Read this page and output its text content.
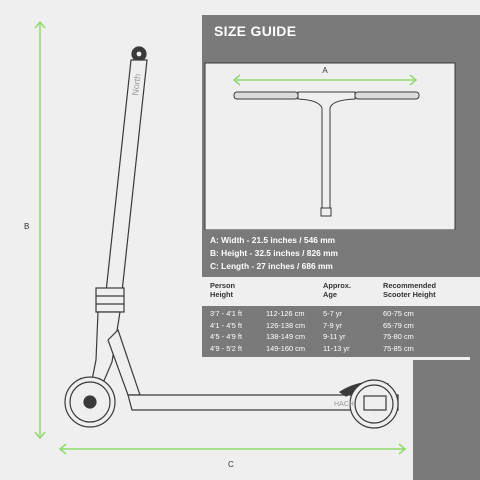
A
B
C
North
HACH
SIZE GUIDE
A: Width - 21.5 inches / 546 mm
B: Height - 32.5 inches / 826 mm
C: Length - 27 inches / 686 mm
Person
Height
Approx.
Age
Recommended
Scooter Height
3'7 - 4'1 ft	112-126 cm	5-7 yr	60-75 cm
4'1 - 4'5 ft	126-138 cm 7-9 yr	65-79 cm
4'5 - 4'9 ft	138-149 cm 9-11 yr	75-80 cm
4'9 - 5'2 ft	149-160 cm 11-13 yr	75-85 cm
